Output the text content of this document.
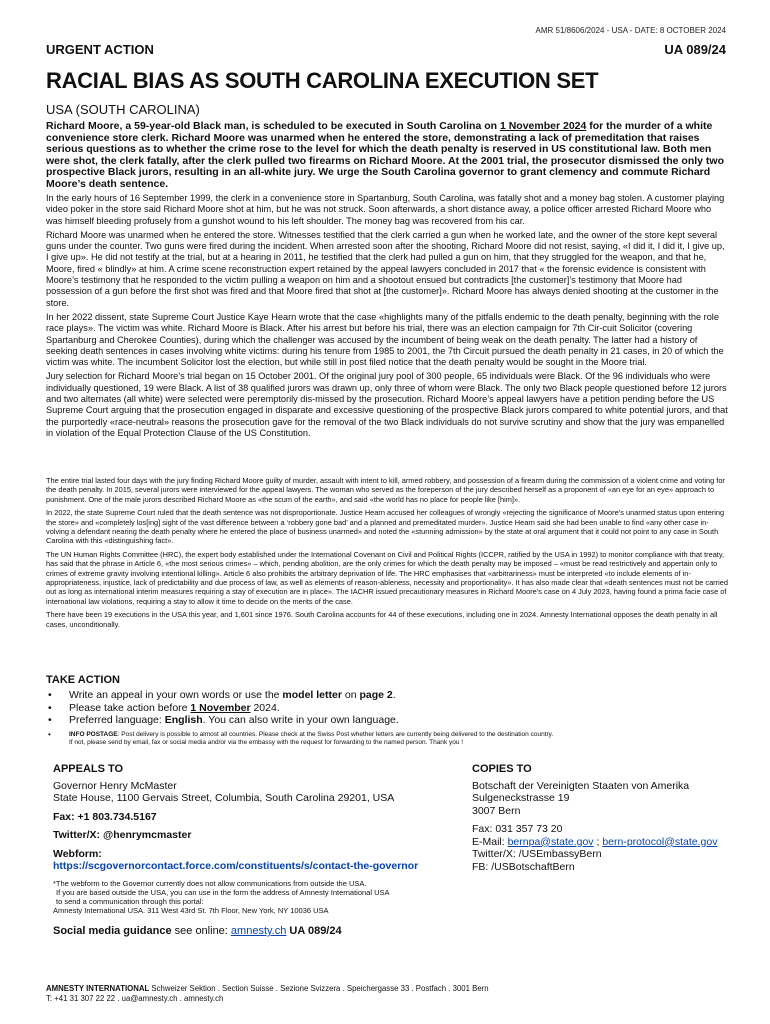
AMR 51/8606/2024 - USA - DATE: 8 OCTOBER 2024
URGENT ACTION	UA 089/24
RACIAL BIAS AS SOUTH CAROLINA EXECUTION SET
USA (SOUTH CAROLINA)

Richard Moore, a 59-year-old Black man, is scheduled to be executed in South Carolina on 1 November 2024 for the murder of a white convenience store clerk. Richard Moore was unarmed when he entered the store, demonstrating a lack of premeditation that raises serious questions as to whether the crime rose to the level for which the death penalty is reserved in US constitutional law. Both men were shot, the clerk fatally, after the clerk pulled two firearms on Richard Moore. At the 2001 trial, the prosecutor dismissed the only two prospective Black jurors, resulting in an all-white jury. We urge the South Carolina governor to grant clemency and commute Richard Moore’s death sentence.

In the early hours of 16 September 1999, the clerk in a convenience store in Spartanburg, South Carolina, was fatally shot and a money bag stolen. A customer playing video poker in the store said Richard Moore shot at him, but he was not struck. Soon afterwards, a short distance away, a police officer arrested Richard Moore who was himself bleeding profusely from a gunshot wound to his left shoulder. The money bag was recovered from his car.

Richard Moore was unarmed when he entered the store. Witnesses testified that the clerk carried a gun when he worked late, and the owner of the store kept several guns under the counter. Two guns were fired during the incident. When arrested soon after the shooting, Richard Moore did not resist, saying, «I did it, I did it, I give up, I give up». He did not testify at the trial, but at a hearing in 2011, he testified that the clerk had pulled a gun on him, that they struggled for the weapon, and that he, Moore, fired « blindly» at him. A crime scene reconstruction expert retained by the appeal lawyers concluded in 2017 that « the forensic evidence is consistent with Moore’s testimony that he responded to the victim pulling a weapon on him and a shootout ensued but contradicts [the customer]’s testimony that Moore had possession of a gun before the first shot was fired and that Moore fired that shot at [the customer]». Richard Moore has always denied shooting at the customer in the store.

In her 2022 dissent, state Supreme Court Justice Kaye Hearn wrote that the case «highlights many of the pitfalls endemic to the death penalty, beginning with the role race plays». The victim was white. Richard Moore is Black. After his arrest but before his trial, there was an election campaign for 7th Cir-cuit Solicitor (covering Spartanburg and Cherokee Counties), during which the challenger was accused by the incumbent of being weak on the death penalty. The latter had a history of seeking death sentences in cases involving white victims: during his tenure from 1985 to 2001, the 7th Circuit pursued the death penalty in 21 cases, in 20 of which the victim was white. The incumbent Solicitor lost the election, but while still in post filed notice that the death penalty would be sought in the Moore trial.

Jury selection for Richard Moore’s trial began on 15 October 2001. Of the original jury pool of 300 people, 65 individuals were Black. Of the 96 individuals who were individually questioned, 19 were Black. A list of 38 qualified jurors was drawn up, only three of whom were Black. The only two Black people questioned before 12 jurors and two alternates (all white) were selected were peremptorily dis-missed by the prosecution. Richard Moore’s appeal lawyers have a petition pending before the US Supreme Court arguing that the prosecution engaged in disparate and excessive questioning of the prospective Black jurors compared to white potential jurors, and that the purportedly «race-neutral» reasons the prosecution gave for the removal of the two Black individuals do not survive scrutiny and show that the jury was empanelled in violation of the Equal Protection Clause of the US Constitution.

The entire trial lasted four days with the jury finding Richard Moore guilty of murder, assault with intent to kill, armed robbery, and possession of a firearm during the commission of a violent crime and voting for the death penalty. In 2015, several jurors were interviewed for the appeal lawyers. The woman who served as the foreperson of the jury described herself as a proponent of «an eye for an eye» approach to punishment. One of the male jurors described Richard Moore as «the scum of the earth», and said «the world has no place for people like [him]».

In 2022, the state Supreme Court ruled that the death sentence was not disproportionate. Justice Hearn accused her colleagues of wrongly «rejecting the significance of Moore’s unarmed status upon entering the store» and «completely los[ing] sight of the vast difference between a ‘robbery gone bad’ and a planned and premeditated murder». Justice Hearn said she had been unable to find «any other case in-volving a defendant nearing the death penalty where he entered the place of business unarmed» and noted the «stunning admission» by the state at oral argument that it could not point to any case in South Carolina with this «distinguishing fact».

The UN Human Rights Committee (HRC), the expert body established under the International Covenant on Civil and Political Rights (ICCPR, ratified by the USA in 1992) to monitor compliance with that treaty, has said that the phrase in Article 6, «the most serious crimes» – which, pending abolition, are the only crimes for which the death penalty may be imposed – «must be read restrictively and appertain only to crimes of extreme gravity involving intentional killing». Article 6 also prohibits the arbitrary deprivation of life. The HRC emphasises that «arbitrariness» must be interpreted «to include elements of in-appropriateness, injustice, lack of predictability and due process of law, as well as elements of reason-ableness, necessity and proportionality». It has also made clear that «death sentences must not be carried out as long as international interim measures requiring a stay of execution are in place». The IACHR issued precautionary measures in Richard Moore’s case on 4 July 2023, having found a prima facie case of international law violations, requiring a stay to allow it time to decide on the merits of the case.

There have been 19 executions in the USA this year, and 1,601 since 1976. South Carolina accounts for 44 of these executions, including one in 2024. Amnesty International opposes the death penalty in all cases, unconditionally.

TAKE ACTION
• Write an appeal in your own words or use the model letter on page 2.
• Please take action before 1 November 2024.
• Preferred language: English. You can also write in your own language.
• INFO POSTAGE: Post delivery is possible to almost all countries. Please check at the Swiss Post whether letters are currently being delivered to the destination country.
If not, please send by email, fax or social media and/or via the embassy with the request for forwarding to the named person. Thank you !
APPEALS TO
Governor Henry McMaster
State House, 1100 Gervais Street, Columbia, South Carolina 29201, USA
Fax: +1 803.734.5167
Twitter/X: @henrymcmaster
Webform:
https://scgovernorcontact.force.com/constituents/s/contact-the-governor
*The webform to the Governor currently does not allow communications from outside the USA.
If you are based outside the USA, you can use in the form the address of Amnesty International USA
to send a communication through this portal:
Amnesty International USA. 311 West 43rd St. 7th Floor, New York, NY 10036 USA
COPIES TO
Botschaft der Vereinigten Staaten von Amerika
Sulgeneckstrasse 19
3007 Bern
Fax: 031 357 73 20
E-Mail: bernpa@state.gov ; bern-protocol@state.gov
Twitter/X: /USEmbassyBern
FB: /USBotschaftBern
Social media guidance see online: amnesty.ch UA 089/24
AMNESTY INTERNATIONAL Schweizer Sektion . Section Suisse . Sezione Svizzera . Speichergasse 33 . Postfach . 3001 Bern
T: +41 31 307 22 22 . ua@amnesty.ch . amnesty.ch
